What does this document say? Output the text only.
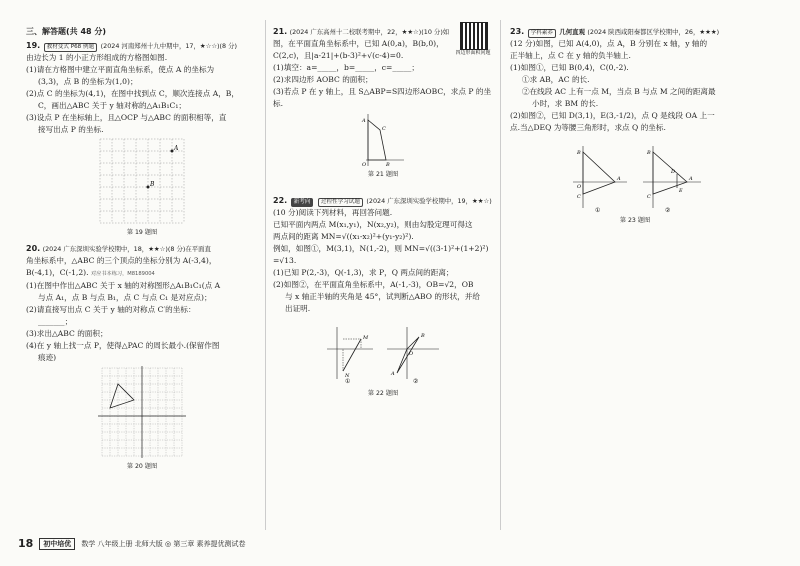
三、解答题(共 48 分)
19. 教材变式 P68 例题 (2024 河南郑州十九中期中，17，★☆☆)(8 分)
由边长为 1 的小正方形组成的方格图如图.
(1)请在方格图中建立平面直角坐标系，使点 A 的坐标为
(3,3)，点 B 的坐标为(1,0)；
(2)点 C 的坐标为(4,1)，在图中找到点 C，顺次连接点 A，B，
C，画出△ABC 关于 y 轴对称的△A₁B₁C₁；
(3)设点 P 在坐标轴上，且△OCP 与△ABC 的面积相等，直
接写出点 P 的坐标.
A
B
第 19 题图
20. (2024 广东深圳实验学校期中，18，★★☆)(8 分)在平面直
角坐标系中，△ABC 的三个顶点的坐标分别为 A(-3,4)，
B(-4,1)，C(-1,2). 对应书本练习，M8189004
(1)在图中作出△ABC 关于 x 轴的对称图形△A₁B₁C₁(点 A
与点 A₁，点 B 与点 B₁，点 C 与点 C₁ 是对应点)；
(2)请直接写出点 C 关于 y 轴的对称点 C′的坐标：
_______；
(3)求出△ABC 的面积；
(4)在 y 轴上找一点 P，使得△PAC 的周长最小.(保留作图
痕迹)
第 20 题图
21. (2024 广东高州十二校联考期中，22，★★☆)(10 分)如
图，在平面直角坐标系中，已知 A(0,a)，B(b,0)，
C(2,c)，且|a-21|+(b-3)²+√(c-4)=0.
(1)填空：a=_____，b=_____，c=_____；
(2)求四边形 AOBC 的面积；
(3)若点 P 在 y 轴上，且 S△ABP=S四边形AOBC，求点 P 的坐标.
A
C
B
O
第 21 题图
22. 新考向 过程性学习试题 (2024 广东深圳实验学校期中，19，★★☆)
(10 分)阅读下列材料，再回答问题.
已知平面内两点 M(x₁,y₁)，N(x₂,y₂)，则由勾股定理可得这
两点间的距离 MN=√((x₁-x₂)²+(y₁-y₂)²).
例如，如图①，M(3,1)，N(1,-2)，则 MN=√((3-1)²+(1+2)²)
=√13.
(1)已知 P(2,-3)，Q(-1,3)，求 P，Q 两点间的距离；
(2)如图②，在平面直角坐标系中，A(-1,-3)，OB=√2，OB
与 x 轴正半轴的夹角是 45°，试判断△ABO 的形状，并给
出证明.
M
N
①
B
A
O
②
第 22 题图
四边形面积问题
23. 学科素养 几何直观 (2024 陕西咸阳秦都区学校期中，26，★★★)
(12 分)如图，已知 A(4,0)，点 A，B 分别在 x 轴，y 轴的
正半轴上，点 C 在 y 轴的负半轴上.
(1)如图①，已知 B(0,4)，C(0,-2).
①求 AB，AC 的长.
②在线段 AC 上有一点 M，当点 B 与点 M 之间的距离最
小时，求 BM 的长.
(2)如图②，已知 D(3,1)，E(3,-1/2)，点 Q 是线段 OA 上一
点.当△DEQ 为等腰三角形时，求点 Q 的坐标.
B
A
C
O
①
B
A
C
D
E
②
第 23 题图
18	初中培优	数学 八年级上册 北师大版 ◎ 第三章 素养提优测试卷
